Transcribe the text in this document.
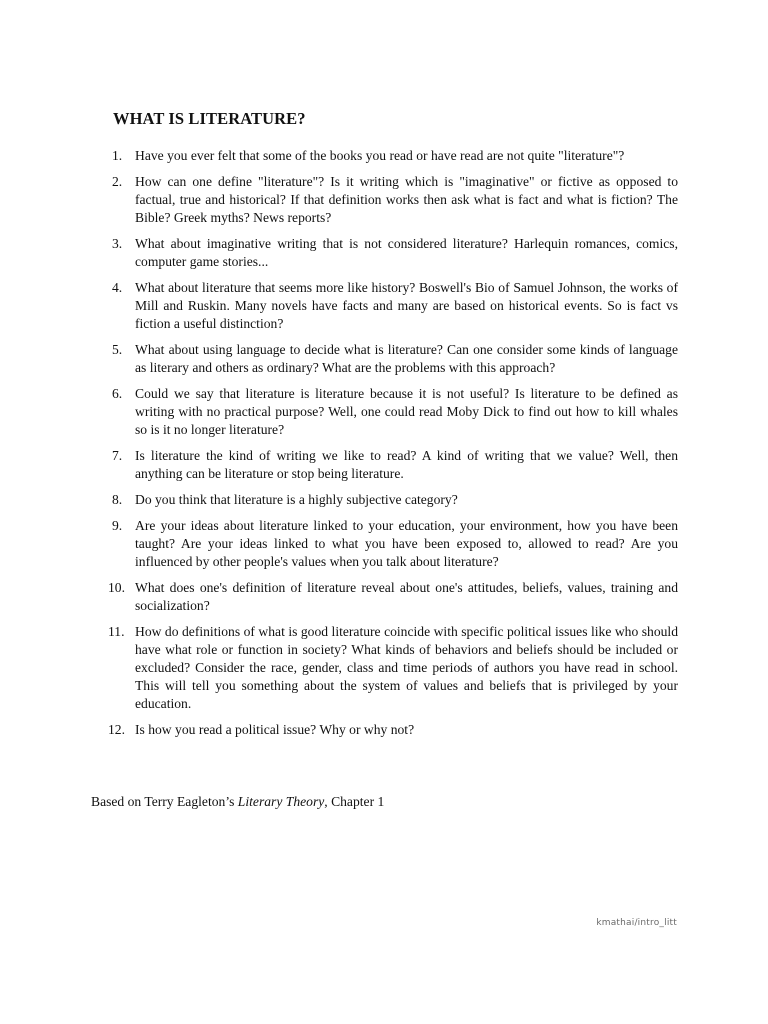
WHAT IS LITERATURE?
1. Have you ever felt that some of the books you read or have read are not quite "literature"?
2. How can one define "literature"? Is it writing which is "imaginative" or fictive as opposed to factual, true and historical? If that definition works then ask what is fact and what is fiction? The Bible? Greek myths? News reports?
3. What about imaginative writing that is not considered literature? Harlequin romances, comics, computer game stories...
4. What about literature that seems more like history? Boswell's Bio of Samuel Johnson, the works of Mill and Ruskin. Many novels have facts and many are based on historical events. So is fact vs fiction a useful distinction?
5. What about using language to decide what is literature? Can one consider some kinds of language as literary and others as ordinary? What are the problems with this approach?
6. Could we say that literature is literature because it is not useful? Is literature to be defined as writing with no practical purpose? Well, one could read Moby Dick to find out how to kill whales so is it no longer literature?
7. Is literature the kind of writing we like to read? A kind of writing that we value? Well, then anything can be literature or stop being literature.
8. Do you think that literature is a highly subjective category?
9. Are your ideas about literature linked to your education, your environment, how you have been taught? Are your ideas linked to what you have been exposed to, allowed to read? Are you influenced by other people's values when you talk about literature?
10. What does one's definition of literature reveal about one's attitudes, beliefs, values, training and socialization?
11. How do definitions of what is good literature coincide with specific political issues like who should have what role or function in society? What kinds of behaviors and beliefs should be included or excluded? Consider the race, gender, class and time periods of authors you have read in school. This will tell you something about the system of values and beliefs that is privileged by your education.
12. Is how you read a political issue? Why or why not?

Based on Terry Eagleton’s Literary Theory, Chapter 1

kmathai/intro_litt
